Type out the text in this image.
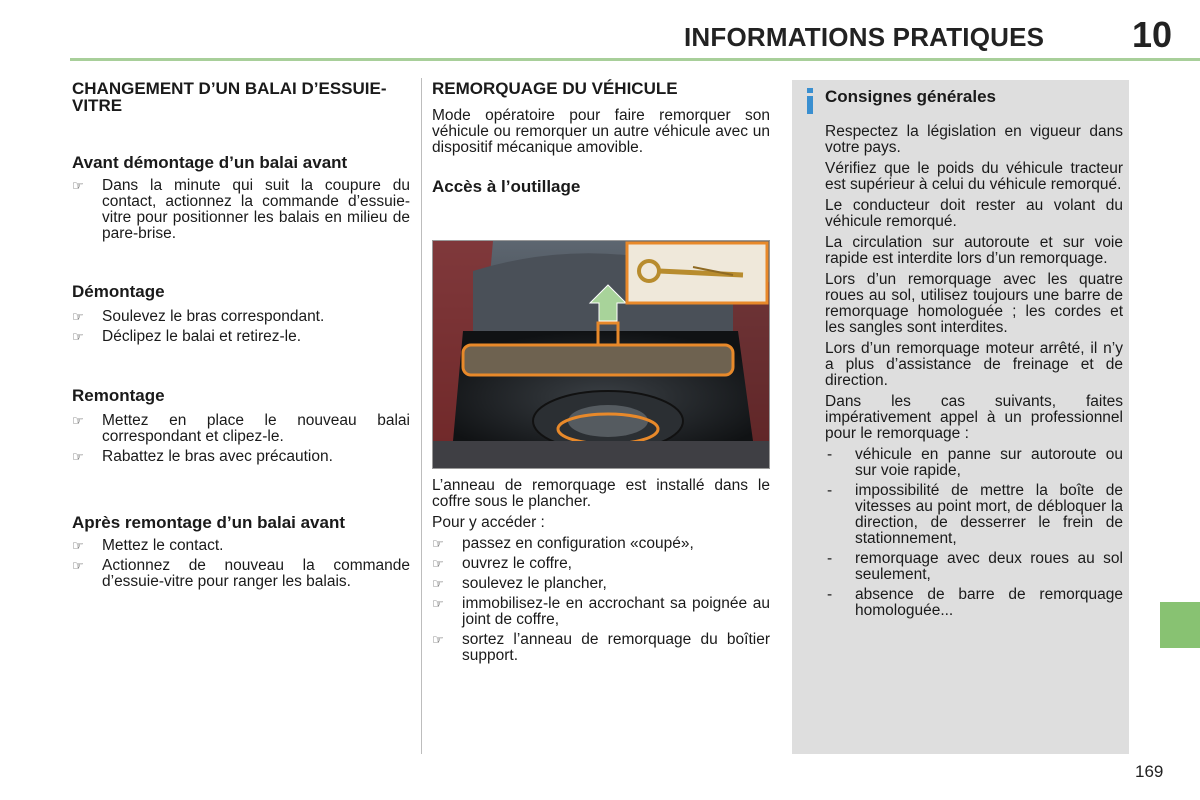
INFORMATIONS PRATIQUES 10
CHANGEMENT D’UN BALAI D’ESSUIE-VITRE
Avant démontage d’un balai avant
☞ Dans la minute qui suit la coupure du contact, actionnez la commande d’essuie-vitre pour positionner les balais en milieu de pare-brise.
Démontage
☞ Soulevez le bras correspondant.
☞ Déclipez le balai et retirez-le.
Remontage
☞ Mettez en place le nouveau balai correspondant et clipez-le.
☞ Rabattez le bras avec précaution.
Après remontage d’un balai avant
☞ Mettez le contact.
☞ Actionnez de nouveau la commande d’essuie-vitre pour ranger les balais.
REMORQUAGE DU VÉHICULE

Mode opératoire pour faire remorquer son véhicule ou remorquer un autre véhicule avec un dispositif mécanique amovible.

Accès à l’outillage

L’anneau de remorquage est installé dans le coffre sous le plancher.

Pour y accéder :

☞ passez en configuration «coupé»,
☞ ouvrez le coffre,
☞ soulevez le plancher,
☞ immobilisez-le en accrochant sa poignée au joint de coffre,
☞ sortez l’anneau de remorquage du boîtier support.
Consignes générales

Respectez la législation en vigueur dans votre pays.

Vérifiez que le poids du véhicule tracteur est supérieur à celui du véhicule remorqué.

Le conducteur doit rester au volant du véhicule remorqué.

La circulation sur autoroute et sur voie rapide est interdite lors d’un remorquage.

Lors d’un remorquage avec les quatre roues au sol, utilisez toujours une barre de remorquage homologuée ; les cordes et les sangles sont interdites.

Lors d’un remorquage moteur arrêté, il n’y a plus d’assistance de freinage et de direction.

Dans les cas suivants, faites impérativement appel à un professionnel pour le remorquage :

- véhicule en panne sur autoroute ou sur voie rapide,
- impossibilité de mettre la boîte de vitesses au point mort, de débloquer la direction, de desserrer le frein de stationnement,
- remorquage avec deux roues au sol seulement,
- absence de barre de remorquage homologuée...
169
